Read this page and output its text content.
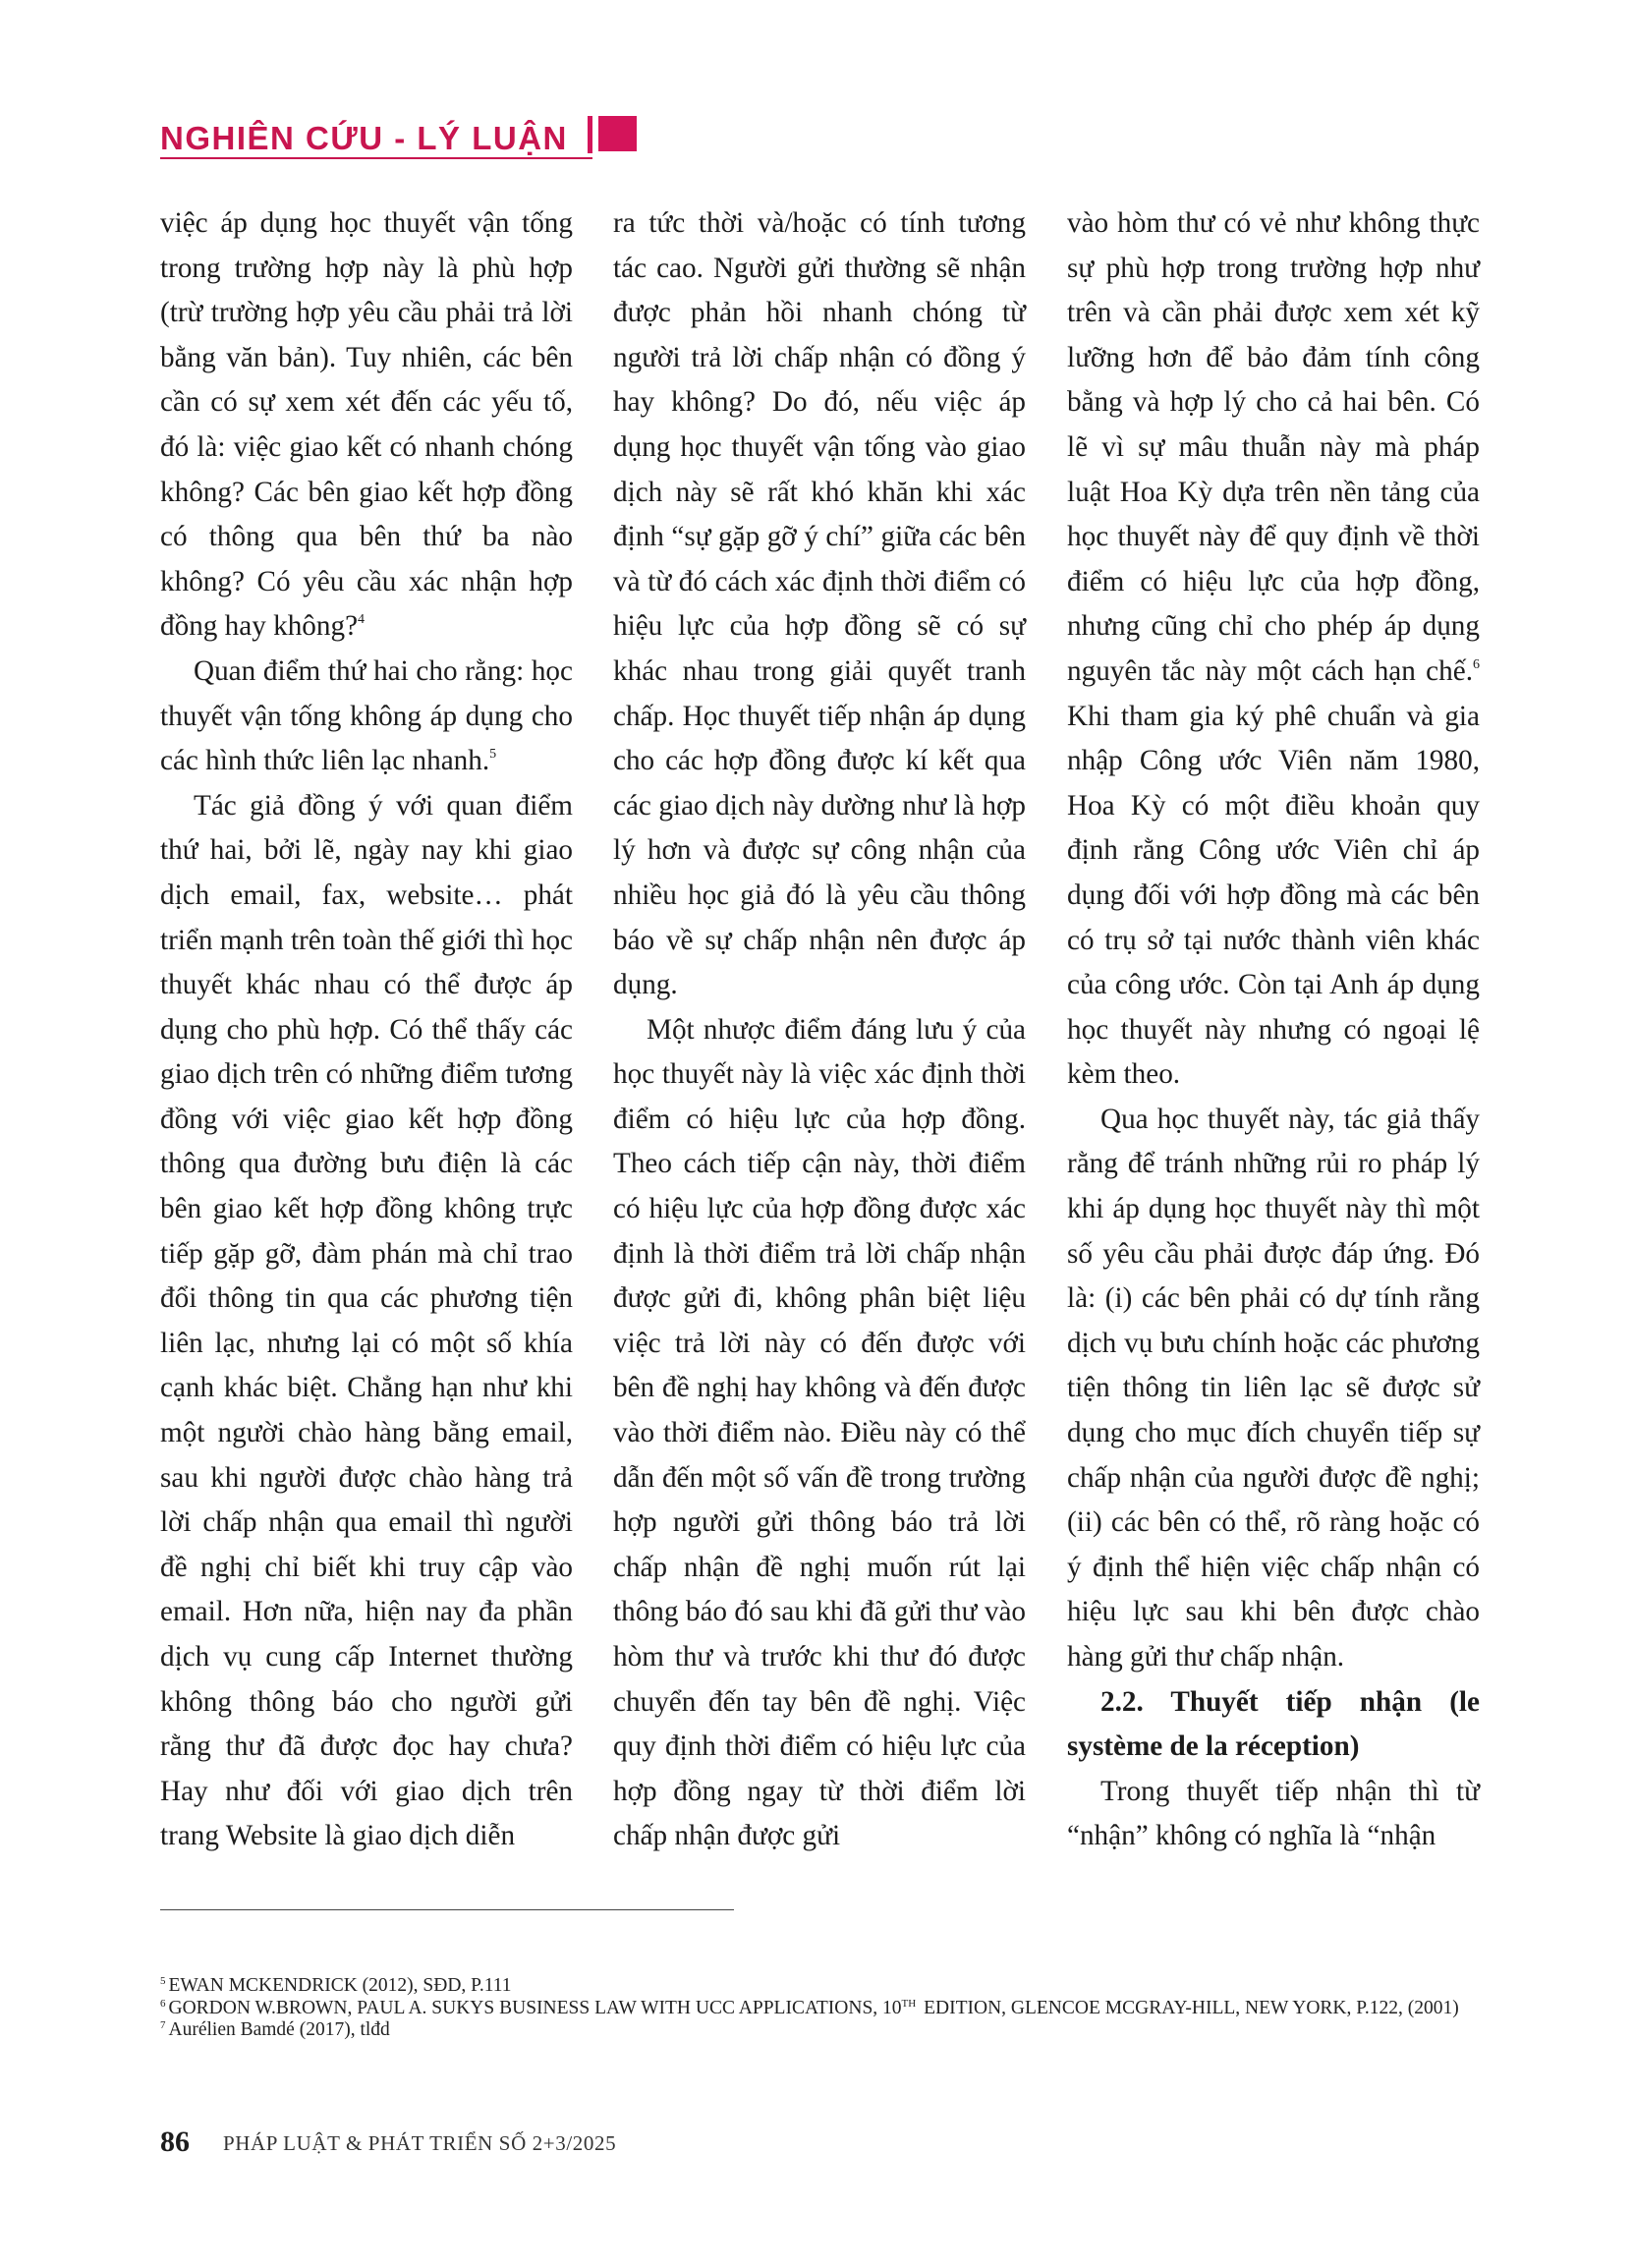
NGHIÊN CỨU - LÝ LUẬN

việc áp dụng học thuyết vận tống trong trường hợp này là phù hợp (trừ trường hợp yêu cầu phải trả lời bằng văn bản). Tuy nhiên, các bên cần có sự xem xét đến các yếu tố, đó là: việc giao kết có nhanh chóng không? Các bên giao kết hợp đồng có thông qua bên thứ ba nào không? Có yêu cầu xác nhận hợp đồng hay không?$^4$

Quan điểm thứ hai cho rằng: học thuyết vận tống không áp dụng cho các hình thức liên lạc nhanh.$^5$

Tác giả đồng ý với quan điểm thứ hai, bởi lẽ, ngày nay khi giao dịch email, fax, website… phát triển mạnh trên toàn thế giới thì học thuyết khác nhau có thể được áp dụng cho phù hợp. Có thể thấy các giao dịch trên có những điểm tương đồng với việc giao kết hợp đồng thông qua đường bưu điện là các bên giao kết hợp đồng không trực tiếp gặp gỡ, đàm phán mà chỉ trao đổi thông tin qua các phương tiện liên lạc, nhưng lại có một số khía cạnh khác biệt. Chẳng hạn như khi một người chào hàng bằng email, sau khi người được chào hàng trả lời chấp nhận qua email thì người đề nghị chỉ biết khi truy cập vào email. Hơn nữa, hiện nay đa phần dịch vụ cung cấp Internet thường không thông báo cho người gửi rằng thư đã được đọc hay chưa? Hay như đối với giao dịch trên trang Website là giao dịch diễn

ra tức thời và/hoặc có tính tương tác cao. Người gửi thường sẽ nhận được phản hồi nhanh chóng từ người trả lời chấp nhận có đồng ý hay không? Do đó, nếu việc áp dụng học thuyết vận tống vào giao dịch này sẽ rất khó khăn khi xác định “sự gặp gỡ ý chí” giữa các bên và từ đó cách xác định thời điểm có hiệu lực của hợp đồng sẽ có sự khác nhau trong giải quyết tranh chấp. Học thuyết tiếp nhận áp dụng cho các hợp đồng được kí kết qua các giao dịch này dường như là hợp lý hơn và được sự công nhận của nhiều học giả đó là yêu cầu thông báo về sự chấp nhận nên được áp dụng.

Một nhược điểm đáng lưu ý của học thuyết này là việc xác định thời điểm có hiệu lực của hợp đồng. Theo cách tiếp cận này, thời điểm có hiệu lực của hợp đồng được xác định là thời điểm trả lời chấp nhận được gửi đi, không phân biệt liệu việc trả lời này có đến được với bên đề nghị hay không và đến được vào thời điểm nào. Điều này có thể dẫn đến một số vấn đề trong trường hợp người gửi thông báo trả lời chấp nhận đề nghị muốn rút lại thông báo đó sau khi đã gửi thư vào hòm thư và trước khi thư đó được chuyển đến tay bên đề nghị. Việc quy định thời điểm có hiệu lực của hợp đồng ngay từ thời điểm lời chấp nhận được gửi

vào hòm thư có vẻ như không thực sự phù hợp trong trường hợp như trên và cần phải được xem xét kỹ lưỡng hơn để bảo đảm tính công bằng và hợp lý cho cả hai bên. Có lẽ vì sự mâu thuẫn này mà pháp luật Hoa Kỳ dựa trên nền tảng của học thuyết này để quy định về thời điểm có hiệu lực của hợp đồng, nhưng cũng chỉ cho phép áp dụng nguyên tắc này một cách hạn chế.$^6$ Khi tham gia ký phê chuẩn và gia nhập Công ước Viên năm 1980, Hoa Kỳ có một điều khoản quy định rằng Công ước Viên chỉ áp dụng đối với hợp đồng mà các bên có trụ sở tại nước thành viên khác của công ước. Còn tại Anh áp dụng học thuyết này nhưng có ngoại lệ kèm theo.

Qua học thuyết này, tác giả thấy rằng để tránh những rủi ro pháp lý khi áp dụng học thuyết này thì một số yêu cầu phải được đáp ứng. Đó là: (i) các bên phải có dự tính rằng dịch vụ bưu chính hoặc các phương tiện thông tin liên lạc sẽ được sử dụng cho mục đích chuyển tiếp sự chấp nhận của người được đề nghị; (ii) các bên có thể, rõ ràng hoặc có ý định thể hiện việc chấp nhận có hiệu lực sau khi bên được chào hàng gửi thư chấp nhận.

2.2. Thuyết tiếp nhận (le système de la réception)

Trong thuyết tiếp nhận thì từ “nhận” không có nghĩa là “nhận

$^5$ EWAN MCKENDRICK (2012), SĐD, P.111
$^6$ GORDON W.BROWN, PAUL A. SUKYS BUSINESS LAW WITH UCC APPLICATIONS, 10TH EDITION, GLENCOE MCGRAY-HILL, NEW YORK, P.122, (2001)
$^7$ Aurélien Bamdé (2017), tlđd
86 PHÁP LUẬT & PHÁT TRIỂN SỐ 2+3/2025
